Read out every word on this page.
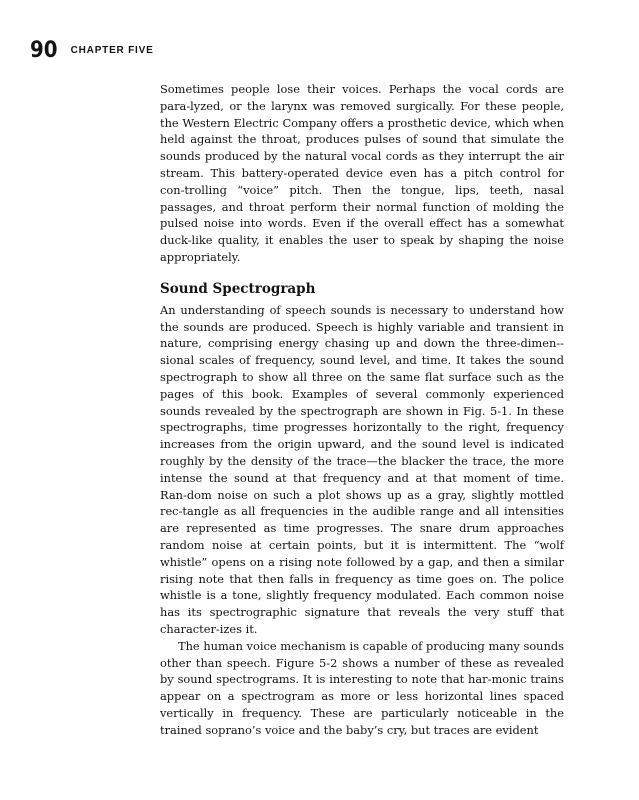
90 CHAPTER FIVE

Sometimes people lose their voices. Perhaps the vocal cords are para-lyzed, or the larynx was removed surgically. For these people, the Western Electric Company offers a prosthetic device, which when held against the throat, produces pulses of sound that simulate the sounds produced by the natural vocal cords as they interrupt the air stream. This battery-operated device even has a pitch control for con-trolling “voice” pitch. Then the tongue, lips, teeth, nasal passages, and throat perform their normal function of molding the pulsed noise into words. Even if the overall effect has a somewhat duck-like quality, it enables the user to speak by shaping the noise appropriately.

Sound Spectrograph

An understanding of speech sounds is necessary to understand how the sounds are produced. Speech is highly variable and transient in nature, comprising energy chasing up and down the three-dimen-sional scales of frequency, sound level, and time. It takes the sound spectrograph to show all three on the same flat surface such as the pages of this book. Examples of several commonly experienced sounds revealed by the spectrograph are shown in Fig. 5-1. In these spectrographs, time progresses horizontally to the right, frequency increases from the origin upward, and the sound level is indicated roughly by the density of the trace—the blacker the trace, the more intense the sound at that frequency and at that moment of time. Ran-dom noise on such a plot shows up as a gray, slightly mottled rec-tangle as all frequencies in the audible range and all intensities are represented as time progresses. The snare drum approaches random noise at certain points, but it is intermittent. The “wolf whistle” opens on a rising note followed by a gap, and then a similar rising note that then falls in frequency as time goes on. The police whistle is a tone, slightly frequency modulated. Each common noise has its spectrographic signature that reveals the very stuff that character-izes it.

The human voice mechanism is capable of producing many sounds other than speech. Figure 5-2 shows a number of these as revealed by sound spectrograms. It is interesting to note that har-monic trains appear on a spectrogram as more or less horizontal lines spaced vertically in frequency. These are particularly noticeable in the trained soprano’s voice and the baby’s cry, but traces are evident
